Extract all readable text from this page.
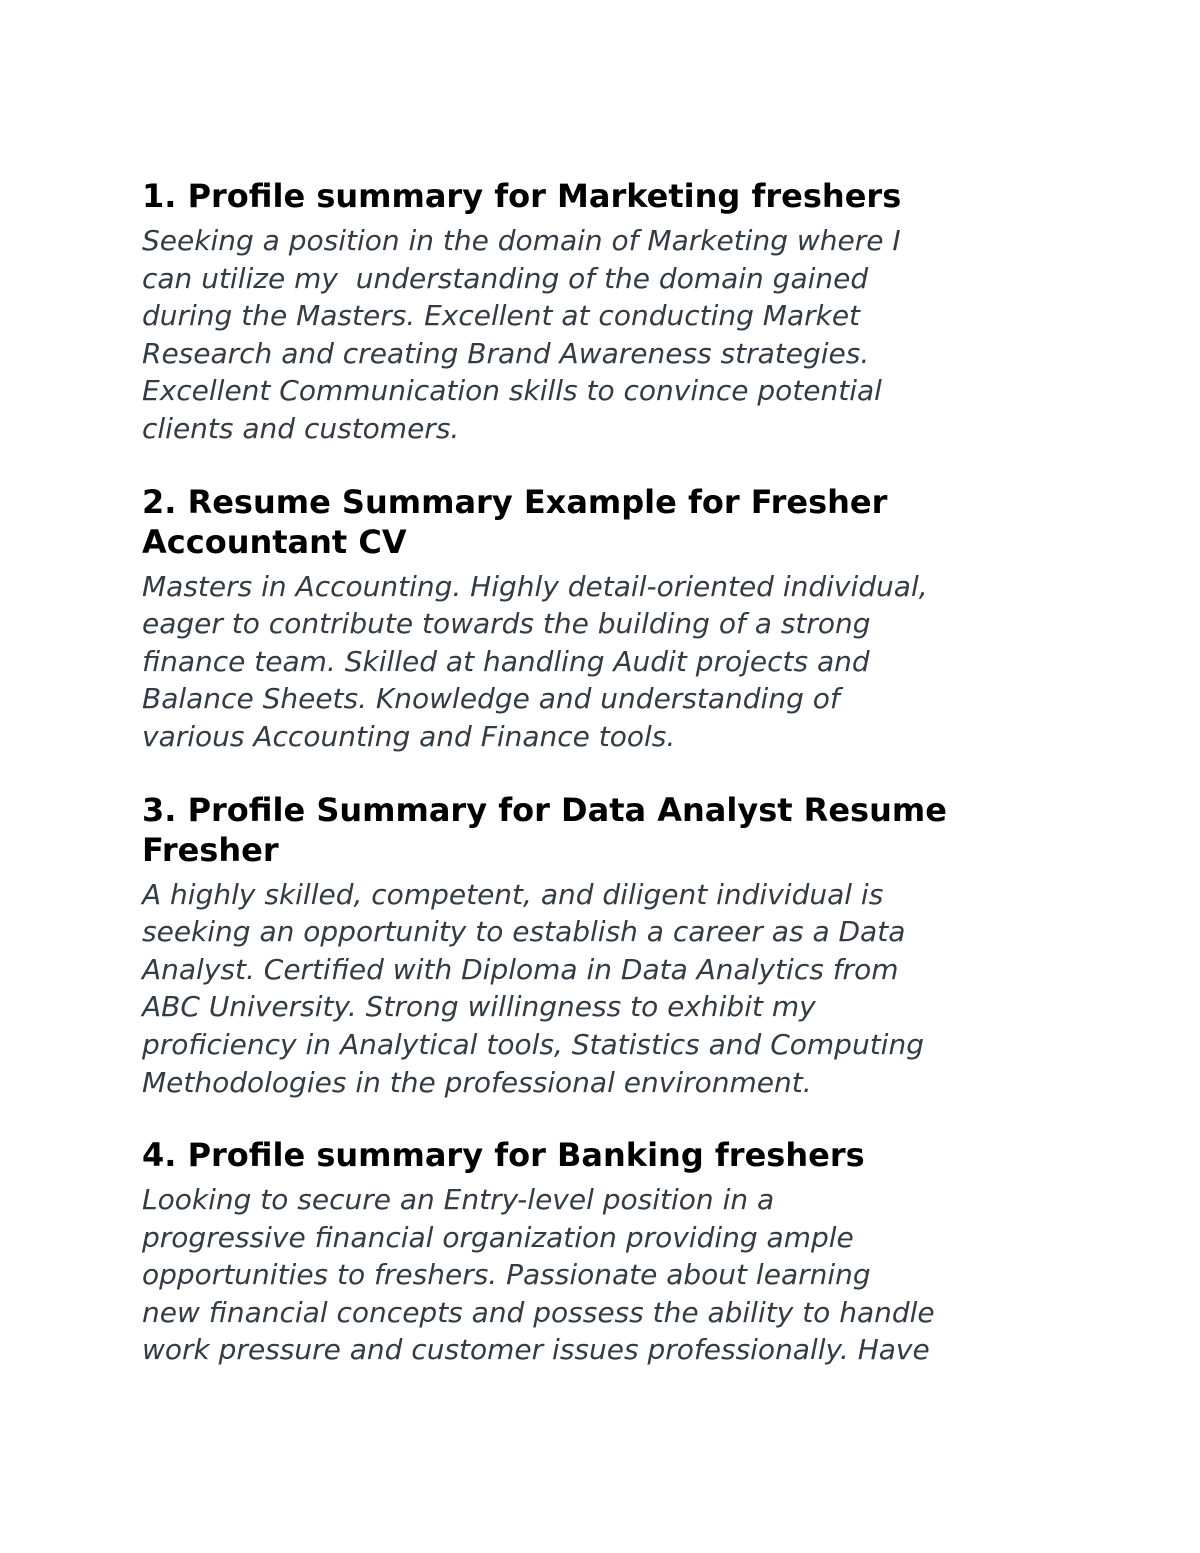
1. Profile summary for Marketing freshers

Seeking a position in the domain of Marketing where I
can utilize my  understanding of the domain gained
during the Masters. Excellent at conducting Market
Research and creating Brand Awareness strategies.
Excellent Communication skills to convince potential
clients and customers.

2. Resume Summary Example for Fresher
Accountant CV

Masters in Accounting. Highly detail-oriented individual,
eager to contribute towards the building of a strong
finance team. Skilled at handling Audit projects and
Balance Sheets. Knowledge and understanding of
various Accounting and Finance tools.

3. Profile Summary for Data Analyst Resume
Fresher

A highly skilled, competent, and diligent individual is
seeking an opportunity to establish a career as a Data
Analyst. Certified with Diploma in Data Analytics from
ABC University. Strong willingness to exhibit my
proficiency in Analytical tools, Statistics and Computing
Methodologies in the professional environment.

4. Profile summary for Banking freshers

Looking to secure an Entry-level position in a
progressive financial organization providing ample
opportunities to freshers. Passionate about learning
new financial concepts and possess the ability to handle
work pressure and customer issues professionally. Have
